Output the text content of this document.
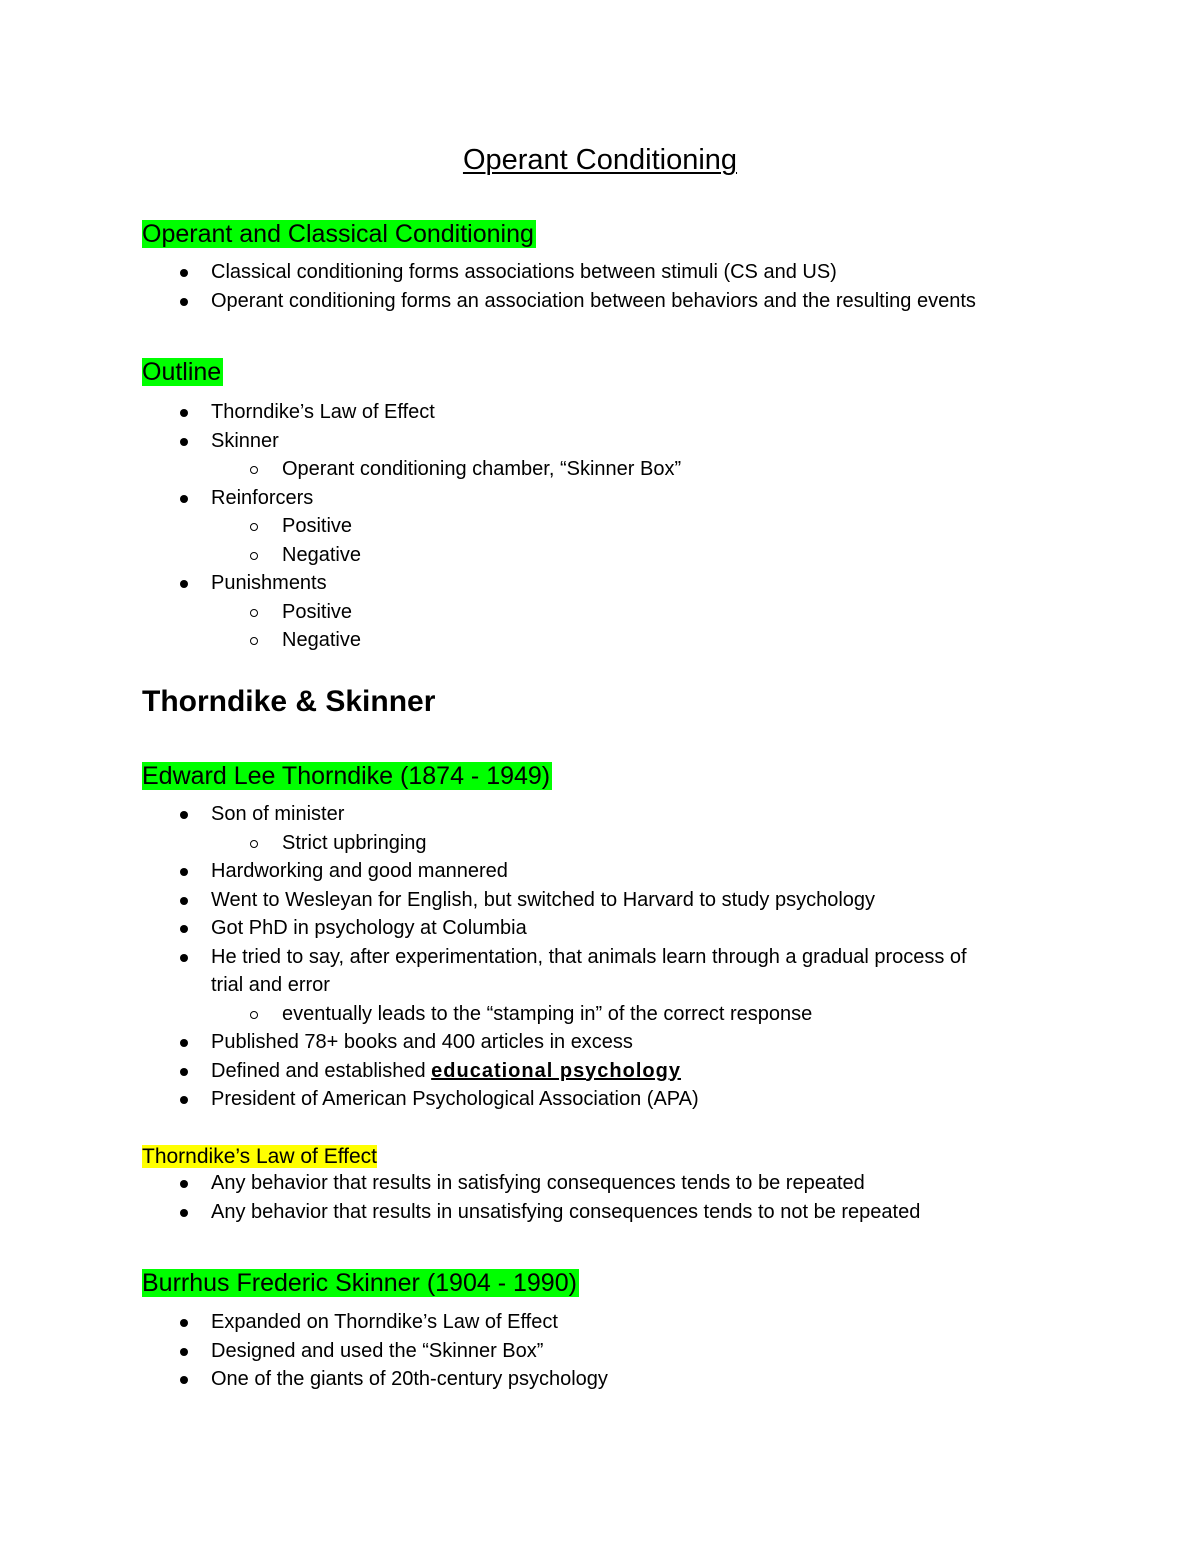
Operant Conditioning
Operant and Classical Conditioning
Classical conditioning forms associations between stimuli (CS and US)
Operant conditioning forms an association between behaviors and the resulting events
Outline
Thorndike’s Law of Effect
Skinner
Operant conditioning chamber, “Skinner Box”
Reinforcers
Positive
Negative
Punishments
Positive
Negative
Thorndike & Skinner
Edward Lee Thorndike (1874 - 1949)
Son of minister
Strict upbringing
Hardworking and good mannered
Went to Wesleyan for English, but switched to Harvard to study psychology
Got PhD in psychology at Columbia
He tried to say, after experimentation, that animals learn through a gradual process of trial and error
eventually leads to the “stamping in” of the correct response
Published 78+ books and 400 articles in excess
Defined and established educational psychology
President of American Psychological Association (APA)
Thorndike’s Law of Effect
Any behavior that results in satisfying consequences tends to be repeated
Any behavior that results in unsatisfying consequences tends to not be repeated
Burrhus Frederic Skinner (1904 - 1990)
Expanded on Thorndike’s Law of Effect
Designed and used the “Skinner Box”
One of the giants of 20th-century psychology
